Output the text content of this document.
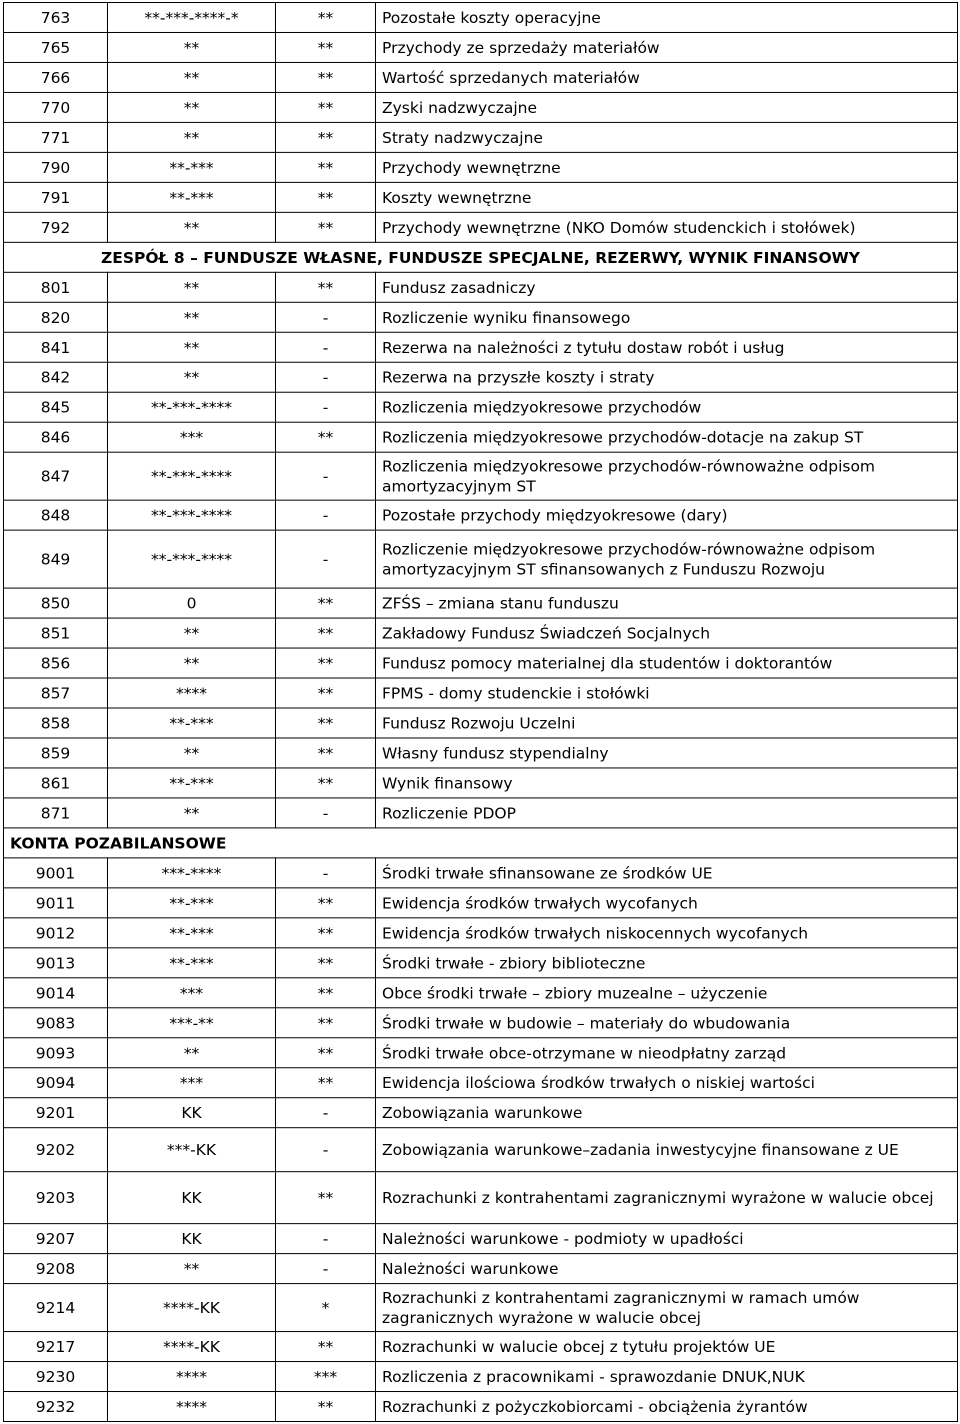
763	**-***-****-*	**	Pozostałe koszty operacyjne
765	**	**	Przychody ze sprzedaży materiałów
766	**	**	Wartość sprzedanych materiałów
770	**	**	Zyski nadzwyczajne
771	**	**	Straty nadzwyczajne
790	**-***	**	Przychody wewnętrzne
791	**-***	**	Koszty wewnętrzne
792	**	**	Przychody wewnętrzne (NKO Domów studenckich i stołówek)
ZESPÓŁ 8 – FUNDUSZE WŁASNE, FUNDUSZE SPECJALNE, REZERWY, WYNIK FINANSOWY			
801	**	**	Fundusz zasadniczy
820	**	-	Rozliczenie wyniku finansowego
841	**	-	Rezerwa na należności z tytułu dostaw robót i usług
842	**	-	Rezerwa na przyszłe koszty i straty
845	**-***-****	-	Rozliczenia międzyokresowe przychodów
846	***	**	Rozliczenia międzyokresowe przychodów-dotacje na zakup ST
847	**-***-****	-	Rozliczenia międzyokresowe przychodów-równoważne odpisom amortyzacyjnym ST
848	**-***-****	-	Pozostałe przychody międzyokresowe (dary)
849	**-***-****	-	Rozliczenie międzyokresowe przychodów-równoważne odpisom amortyzacyjnym ST sfinansowanych z Funduszu Rozwoju
850	0	**	ZFŚS – zmiana stanu funduszu
851	**	**	Zakładowy Fundusz Świadczeń Socjalnych
856	**	**	Fundusz pomocy materialnej dla studentów i doktorantów
857	****	**	FPMS - domy studenckie i stołówki
858	**-***	**	Fundusz Rozwoju Uczelni
859	**	**	Własny fundusz stypendialny
861	**-***	**	Wynik finansowy
871	**	-	Rozliczenie PDOP
KONTA POZABILANSOWE			
9001	***-****	-	Środki trwałe sfinansowane ze środków UE
9011	**-***	**	Ewidencja środków trwałych wycofanych
9012	**-***	**	Ewidencja środków trwałych niskocennych wycofanych
9013	**-***	**	Środki trwałe - zbiory biblioteczne
9014	***	**	Obce środki trwałe – zbiory muzealne – użyczenie
9083	***-**	**	Środki trwałe w budowie – materiały do wbudowania
9093	**	**	Środki trwałe obce-otrzymane w nieodpłatny zarząd
9094	***	**	Ewidencja ilościowa środków trwałych o niskiej wartości
9201	KK	-	Zobowiązania warunkowe
9202	***-KK	-	Zobowiązania warunkowe–zadania inwestycyjne finansowane z UE
9203	KK	**	Rozrachunki z kontrahentami zagranicznymi wyrażone w walucie obcej
9207	KK	-	Należności warunkowe - podmioty w upadłości
9208	**	-	Należności warunkowe
9214	****-KK	*	Rozrachunki z kontrahentami zagranicznymi w ramach umów zagranicznych wyrażone w walucie obcej
9217	****-KK	**	Rozrachunki w walucie obcej z tytułu projektów UE
9230	****	***	Rozliczenia z pracownikami - sprawozdanie DNUK,NUK
9232	****	**	Rozrachunki z pożyczkobiorcami - obciążenia żyrantów
